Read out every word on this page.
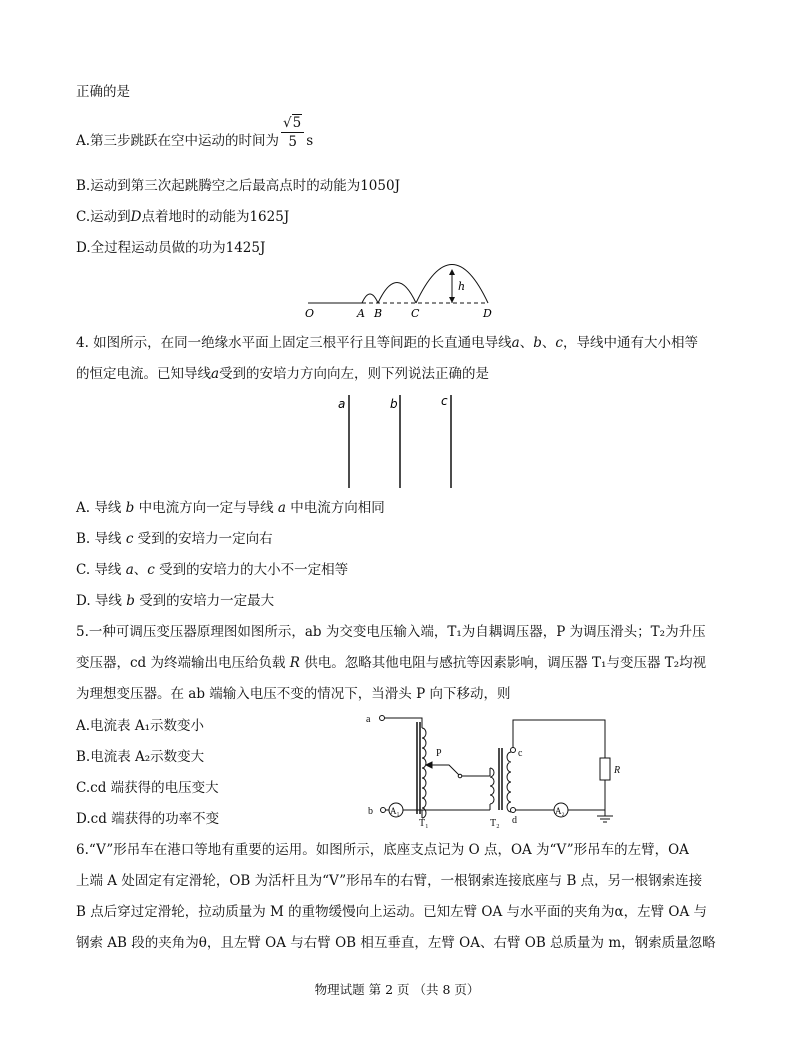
正确的是
A.第三步跳跃在空中运动的时间为 $\frac{√5}{5}$ s
B.运动到第三次起跳腾空之后最高点时的动能为1050J
C.运动到D点着地时的动能为1625J
D.全过程运动员做的功为1425J
h
O	A B	C	D
4. 如图所示，在同一绝缘水平面上固定三根平行且等间距的长直通电导线a、b、c，导线中通有大小相等
的恒定电流。已知导线a受到的安培力方向向左，则下列说法正确的是
a	b	c
A. 导线 b 中电流方向一定与导线 a 中电流方向相同
B. 导线 c 受到的安培力一定向右
C. 导线 a、c 受到的安培力的大小不一定相等
D. 导线 b 受到的安培力一定最大
5.一种可调压变压器原理图如图所示，ab 为交变电压输入端，T₁为自耦调压器，P 为调压滑头；T₂为升压
变压器，cd 为终端输出电压给负载 R 供电。忽略其他电阻与感抗等因素影响，调压器 T₁与变压器 T₂均视
为理想变压器。在 ab 端输入电压不变的情况下，当滑头 P 向下移动，则
A.电流表 A₁示数变小
B.电流表 A₂示数变大
C.cd 端获得的电压变大
D.cd 端获得的功率不变
a
b
c
d
P
R
A₁	A₂
T₁	T₂
6.“V”形吊车在港口等地有重要的运用。如图所示，底座支点记为 O 点，OA 为“V”形吊车的左臂，OA
上端 A 处固定有定滑轮，OB 为活杆且为“V”形吊车的右臂，一根钢索连接底座与 B 点，另一根钢索连接
B 点后穿过定滑轮，拉动质量为 M 的重物缓慢向上运动。已知左臂 OA 与水平面的夹角为α，左臂 OA 与
钢索 AB 段的夹角为θ，且左臂 OA 与右臂 OB 相互垂直，左臂 OA、右臂 OB 总质量为 m，钢索质量忽略
物理试题 第 2 页 （共 8 页）
